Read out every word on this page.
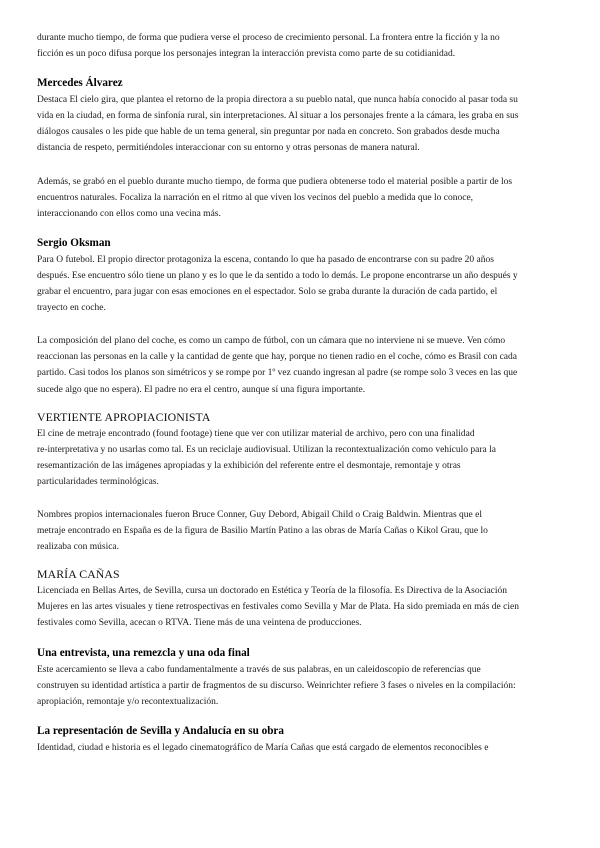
durante mucho tiempo, de forma que pudiera verse el proceso de crecimiento personal. La frontera entre la ficción y la no
ficción es un poco difusa porque los personajes integran la interacción prevista como parte de su cotidianidad.

Mercedes Álvarez

Destaca El cielo gira, que plantea el retorno de la propia directora a su pueblo natal, que nunca había conocido al pasar toda su
vida en la ciudad, en forma de sinfonía rural, sin interpretaciones. Al situar a los personajes frente a la cámara, les graba en sus
diálogos causales o les pide que hable de un tema general, sin preguntar por nada en concreto. Son grabados desde mucha
distancia de respeto, permitiéndoles interaccionar con su entorno y otras personas de manera natural.

Además, se grabó en el pueblo durante mucho tiempo, de forma que pudiera obtenerse todo el material posible a partir de los
encuentros naturales. Focaliza la narración en el ritmo al que viven los vecinos del pueblo a medida que lo conoce,
interaccionando con ellos como una vecina más.

Sergio Oksman

Para O futebol. El propio director protagoniza la escena, contando lo que ha pasado de encontrarse con su padre 20 años
después. Ese encuentro sólo tiene un plano y es lo que le da sentido a todo lo demás. Le propone encontrarse un año después y
grabar el encuentro, para jugar con esas emociones en el espectador. Solo se graba durante la duración de cada partido, el
trayecto en coche.

La composición del plano del coche, es como un campo de fútbol, con un cámara que no interviene ni se mueve. Ven cómo
reaccionan las personas en la calle y la cantidad de gente que hay, porque no tienen radio en el coche, cómo es Brasil con cada
partido. Casi todos los planos son simétricos y se rompe por 1º vez cuando ingresan al padre (se rompe solo 3 veces en las que
sucede algo que no espera). El padre no era el centro, aunque sí una figura importante.

VERTIENTE APROPIACIONISTA

El cine de metraje encontrado (found footage) tiene que ver con utilizar material de archivo, pero con una finalidad
re-interpretativa y no usarlas como tal. Es un reciclaje audiovisual. Utilizan la recontextualización como vehículo para la
resemantización de las imágenes apropiadas y la exhibición del referente entre el desmontaje, remontaje y otras
particularidades terminológicas.

Nombres propios internacionales fueron Bruce Conner, Guy Debord, Abigail Child o Craig Baldwin. Mientras que el
metraje encontrado en España es de la figura de Basilio Martín Patino a las obras de María Cañas o Kikol Grau, que lo
realizaba con música.

MARÍA CAÑAS

Licenciada en Bellas Artes, de Sevilla, cursa un doctorado en Estética y Teoría de la filosofía. Es Directiva de la Asociación
Mujeres en las artes visuales y tiene retrospectivas en festivales como Sevilla y Mar de Plata. Ha sido premiada en más de cien
festivales como Sevilla, acecan o RTVA. Tiene más de una veintena de producciones.

Una entrevista, una remezcla y una oda final

Este acercamiento se lleva a cabo fundamentalmente a través de sus palabras, en un caleidoscopio de referencias que
construyen su identidad artística a partir de fragmentos de su discurso. Weinrichter refiere 3 fases o niveles en la compilación:
apropiación, remontaje y/o recontextualización.

La representación de Sevilla y Andalucía en su obra

Identidad, ciudad e historia es el legado cinematográfico de María Cañas que está cargado de elementos reconocibles e
